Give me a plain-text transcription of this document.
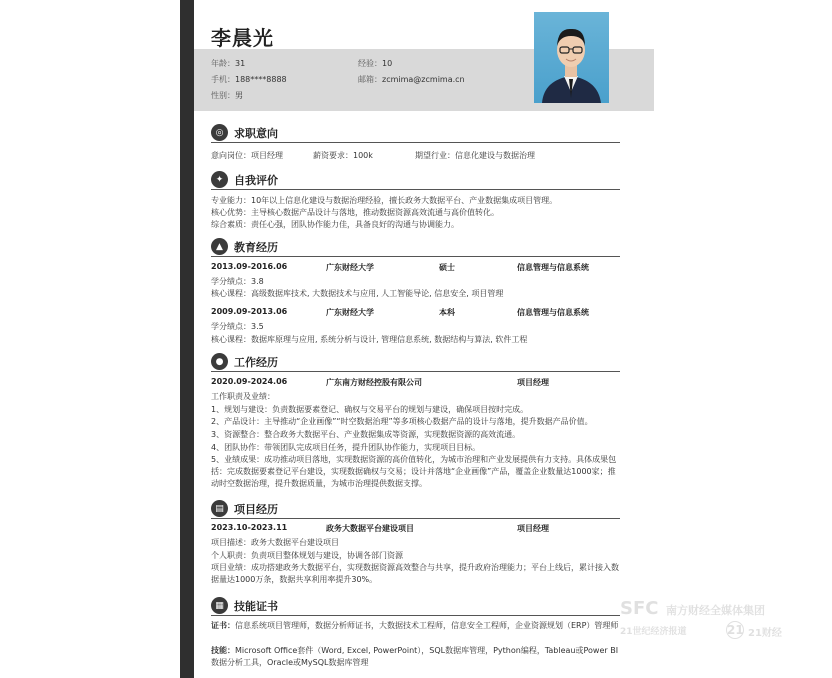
李晨光
年龄：31	经验：10
手机：188****8888	邮箱：zcmima@zcmima.cn
性别：男
◎ 求职意向
意向岗位：项目经理	薪资要求：100k	期望行业：信息化建设与数据治理
✦ 自我评价
专业能力：10年以上信息化建设与数据治理经验，擅长政务大数据平台、产业数据集成项目管理。
核心优势：主导核心数据产品设计与落地，推动数据资源高效流通与高价值转化。
综合素质：责任心强，团队协作能力佳，具备良好的沟通与协调能力。
▲	教育经历
2013.09-2016.06	广东财经大学	硕士	信息管理与信息系统
学分绩点：3.8
核心课程：高级数据库技术, 大数据技术与应用, 人工智能导论, 信息安全, 项目管理
2009.09-2013.06	广东财经大学	本科	信息管理与信息系统
学分绩点：3.5
核心课程：数据库原理与应用, 系统分析与设计, 管理信息系统, 数据结构与算法, 软件工程
● 工作经历
2020.09-2024.06	广东南方财经控股有限公司	项目经理
工作职责及业绩：
1、规划与建设：负责数据要素登记、确权与交易平台的规划与建设，确保项目按时完成。
2、产品设计：主导推动“企业画像”“时空数据治理”等多项核心数据产品的设计与落地，提升数据产品价值。
3、资源整合：整合政务大数据平台、产业数据集成等资源，实现数据资源的高效流通。
4、团队协作：带领团队完成项目任务，提升团队协作能力，实现项目目标。
5、业绩成果：成功推动项目落地，实现数据资源的高价值转化，为城市治理和产业发展提供有力支持。具体成果包括：完成数据要素登记平台建设，实现数据确权与交易；设计并落地“企业画像”产品，覆盖企业数量达1000家；推动时空数据治理，提升数据质量，为城市治理提供数据支撑。
▤ 项目经历
2023.10-2023.11	政务大数据平台建设项目	项目经理
项目描述：政务大数据平台建设项目
个人职责：负责项目整体规划与建设，协调各部门资源
项目业绩：成功搭建政务大数据平台，实现数据资源高效整合与共享，提升政府治理能力；平台上线后，累计接入数据量达1000万条，数据共享利用率提升30%。
▦ 技能证书
证书：信息系统项目管理师，数据分析师证书，大数据技术工程师，信息安全工程师，企业资源规划（ERP）管理师
技能：Microsoft Office套件（Word, Excel, PowerPoint），SQL数据库管理，Python编程，Tableau或Power BI数据分析工具，Oracle或MySQL数据库管理
SFC 南方财经全媒体集团
21世纪经济报道	21 21财经
